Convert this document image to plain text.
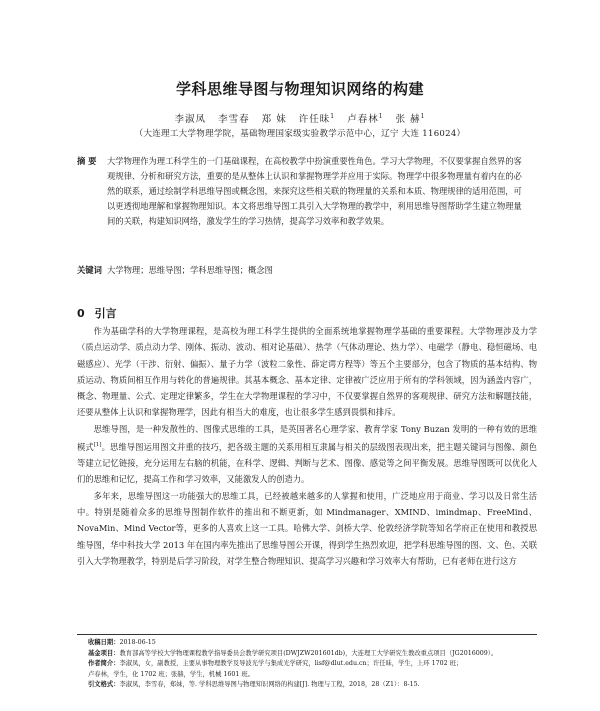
学科思维导图与物理知识网络的构建
李淑凤 李雪春 郑 妹 许任昧$^1$ 卢春林$^1$ 张 赫$^1$
（大连理工大学物理学院，基础物理国家级实验教学示范中心，辽宁 大连 116024）
摘 要 大学物理作为理工科学生的一门基础课程，在高校教学中扮演重要性角色。学习大学物理，不仅要掌握自然界的客观规律、分析和研究方法，重要的是从整体上认识和掌握物理学并应用于实际。物理学中很多物理量有着内在的必然的联系，通过绘制学科思维导图或概念图，来探究这些相关联的物理量的关系和本质、物理规律的适用范围，可以更透彻地理解和掌握物理知识。本文将思维导图工具引入大学物理的教学中，利用思维导图帮助学生建立物理量间的关联，构建知识网络，激发学生的学习热情，提高学习效率和教学效果。
关键词 大学物理；思维导图；学科思维导图；概念图
0 引言

作为基础学科的大学物理课程，是高校为理工科学生提供的全面系统地掌握物理学基础的重要课程。大学物理涉及力学（质点运动学、质点动力学、刚体、振动、波动、相对论基础）、热学（气体动理论、热力学）、电磁学（静电、稳恒磁场、电磁感应）、光学（干涉、衍射、偏振）、量子力学（波粒二象性、薛定谔方程等）等五个主要部分，包含了物质的基本结构、物质运动、物质间相互作用与转化的普遍规律。其基本概念、基本定律、定律被广泛应用于所有的学科领域，因为涵盖内容广，概念、物理量、公式、定理定律繁多，学生在大学物理课程的学习中，不仅要掌握自然界的客观规律、研究方法和解题技能，还要从整体上认识和掌握物理学，因此有相当大的难度，也让很多学生感到畏惧和排斥。

思维导图，是一种发散性的、图像式思维的工具，是英国著名心理学家、教育学家 Tony Buzan 发明的一种有效的思维模式[1]。思维导图运用图文并重的技巧，把各级主题的关系用相互隶属与相关的层级图表现出来，把主题关键词与图像、颜色等建立记忆链接，充分运用左右脑的机能，在科学、逻辑、判断与艺术、图像、感觉等之间平衡发展。思维导图既可以优化人们的思维和记忆，提高工作和学习效率，又能激发人的创造力。

多年来，思维导图这一功能强大的思维工具，已经被越来越多的人掌握和使用，广泛地应用于商业、学习以及日常生活中。特别是随着众多的思维导图制作软件的推出和不断更新，如 Mindmanager、XMIND、imindmap、FreeMind、NovaMin、Mind Vector等，更多的人喜欢上这一工具。哈佛大学、剑桥大学、伦敦经济学院等知名学府正在使用和教授思维导图，华中科技大学 2013 年在国内率先推出了思维导图公开课，得到学生热烈欢迎，把学科思维导图的图、文、色、关联引入大学物理教学，特别是后学习阶段，对学生整合物理知识、提高学习兴趣和学习效率大有帮助，已有老师在进行这方

收稿日期：2018-06-15
基金项目：教育部高等学校大学物理课程教学指导委员会教学研究项目(DWJZW201601db)，大连理工大学研究生教改重点项目（JG2016009）。
作者简介：李淑凤，女，副教授，主要从事物理教学及导波光学与集成光学研究，lisf@dlut.edu.cn；许任昧，学生，上环 1702 班；
卢春林，学生，化 1702 班；张赫，学生，机械 1601 班。
引文格式：李淑凤，李雪春，郑妹，等. 学科思维导图与物理知识网络的构建[J]. 物理与工程，2018，28（Z1）：8-15.
